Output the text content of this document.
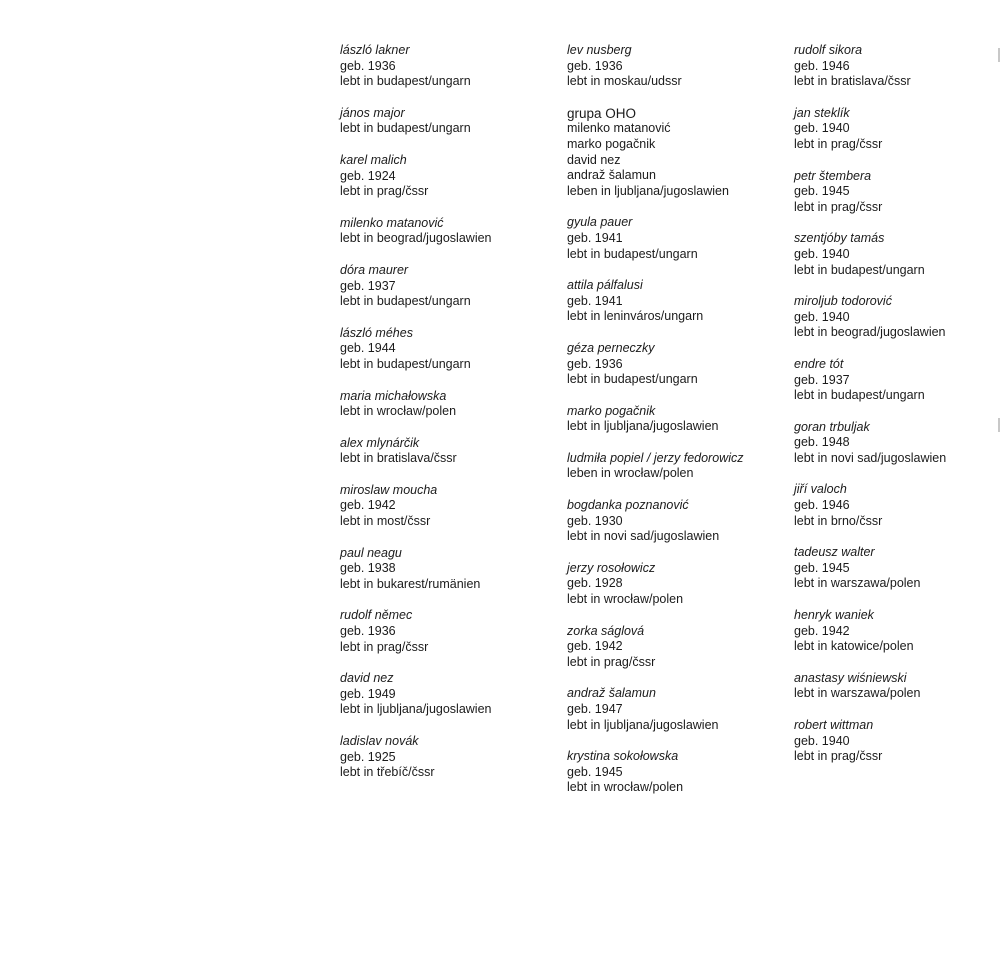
lászló lakner
geb. 1936
lebt in budapest/ungarn
jános major
lebt in budapest/ungarn
karel malich
geb. 1924
lebt in prag/čssr
milenko matanović
lebt in beograd/jugoslawien
dóra maurer
geb. 1937
lebt in budapest/ungarn
lászló méhes
geb. 1944
lebt in budapest/ungarn
maria michałowska
lebt in wrocław/polen
alex mlynárčik
lebt in bratislava/čssr
miroslaw moucha
geb. 1942
lebt in most/čssr
paul neagu
geb. 1938
lebt in bukarest/rumänien
rudolf němec
geb. 1936
lebt in prag/čssr
david nez
geb. 1949
lebt in ljubljana/jugoslawien
ladislav novák
geb. 1925
lebt in třebíč/čssr
lev nusberg
geb. 1936
lebt in moskau/udssr
grupa OHO
milenko matanović
marko pogačnik
david nez
andraž šalamun
leben in ljubljana/jugoslawien
gyula pauer
geb. 1941
lebt in budapest/ungarn
attila pálfalusi
geb. 1941
lebt in leninváros/ungarn
géza perneczky
geb. 1936
lebt in budapest/ungarn
marko pogačnik
lebt in ljubljana/jugoslawien
ludmiła popiel / jerzy fedorowicz
leben in wrocław/polen
bogdanka poznanović
geb. 1930
lebt in novi sad/jugoslawien
jerzy rosołowicz
geb. 1928
lebt in wrocław/polen
zorka ságlová
geb. 1942
lebt in prag/čssr
andraž šalamun
geb. 1947
lebt in ljubljana/jugoslawien
krystina sokołowska
geb. 1945
lebt in wrocław/polen
rudolf sikora
geb. 1946
lebt in bratislava/čssr
jan steklík
geb. 1940
lebt in prag/čssr
petr štembera
geb. 1945
lebt in prag/čssr
szentjóby tamás
geb. 1940
lebt in budapest/ungarn
miroljub todorović
geb. 1940
lebt in beograd/jugoslawien
endre tót
geb. 1937
lebt in budapest/ungarn
goran trbuljak
geb. 1948
lebt in novi sad/jugoslawien
jiří valoch
geb. 1946
lebt in brno/čssr
tadeusz walter
geb. 1945
lebt in warszawa/polen
henryk waniek
geb. 1942
lebt in katowice/polen
anastasy wiśniewski
lebt in warszawa/polen
robert wittman
geb. 1940
lebt in prag/čssr
